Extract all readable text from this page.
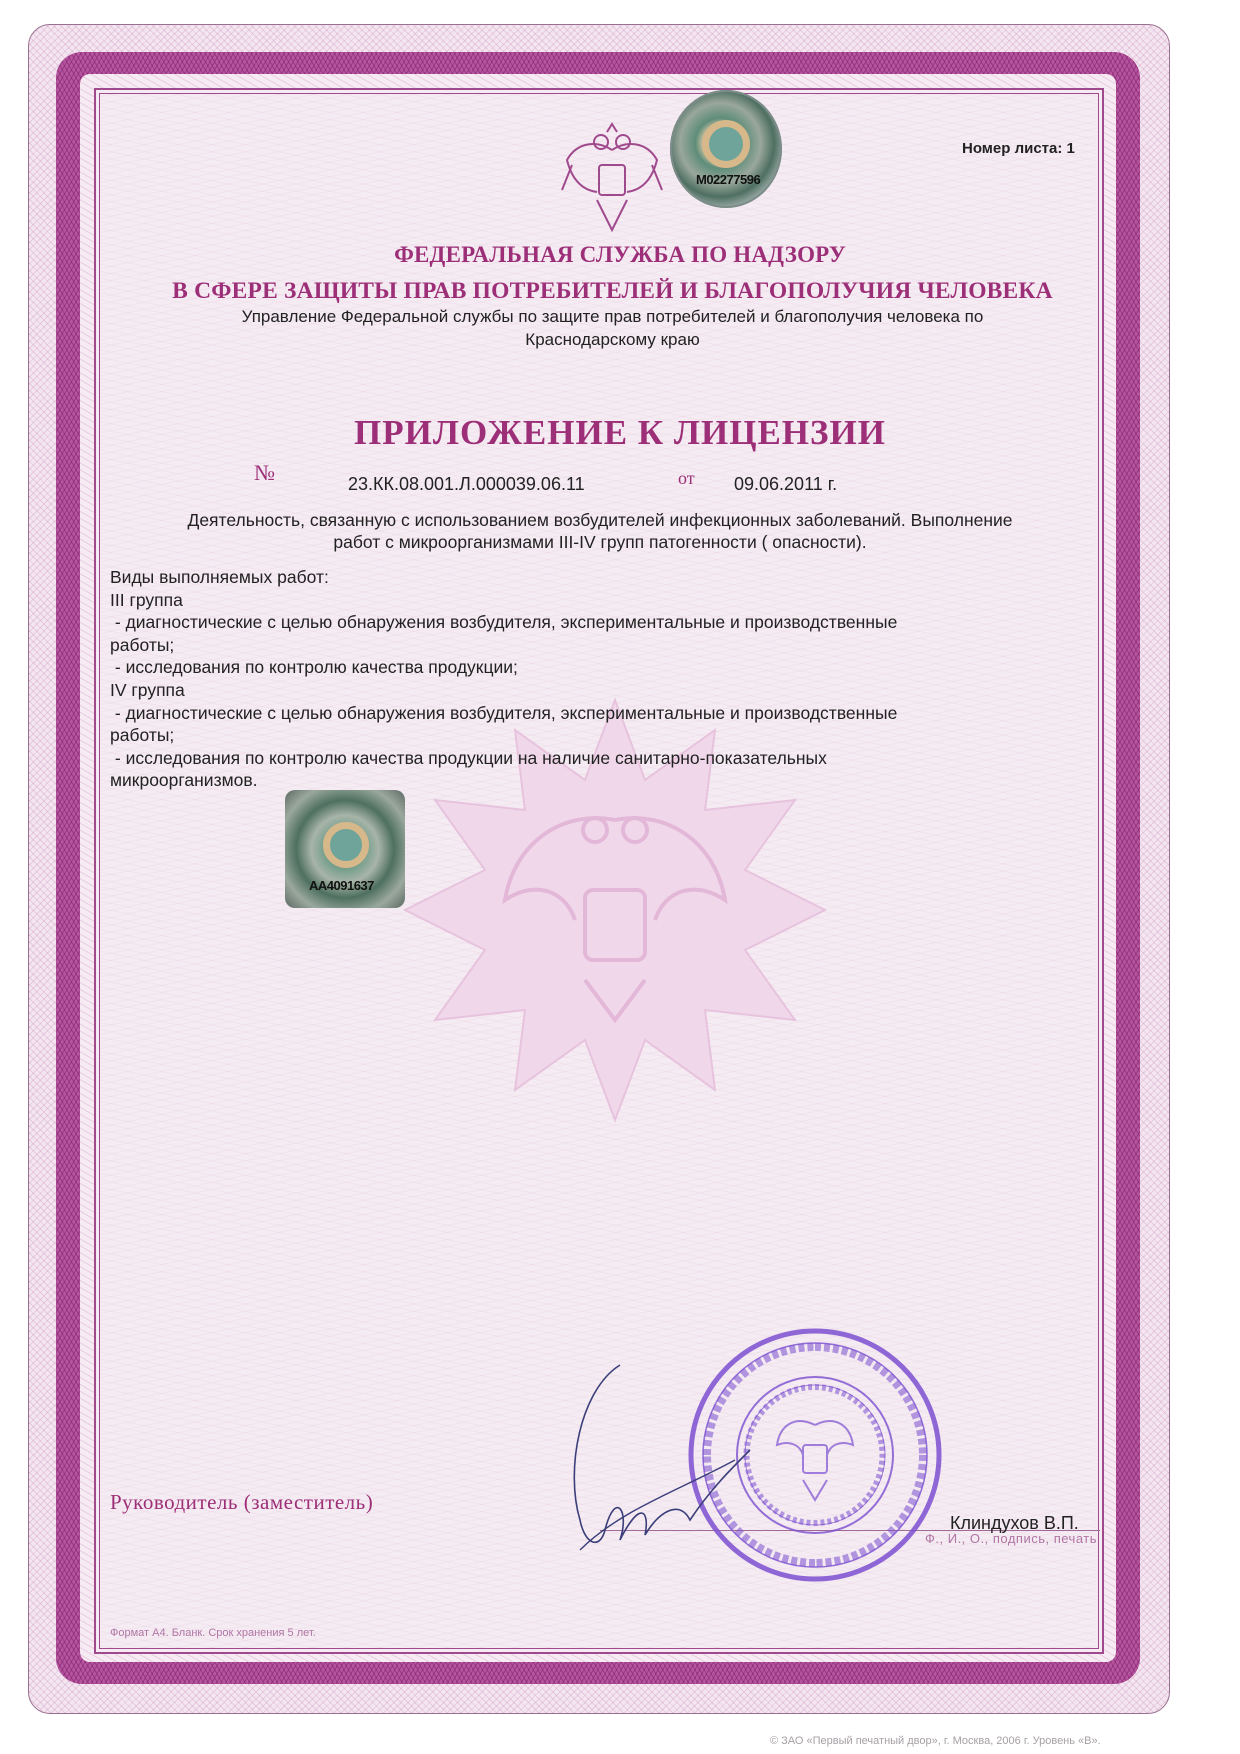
M02277596
Номер листа: 1
ФЕДЕРАЛЬНАЯ СЛУЖБА ПО НАДЗОРУ
В СФЕРЕ ЗАЩИТЫ ПРАВ ПОТРЕБИТЕЛЕЙ И БЛАГОПОЛУЧИЯ ЧЕЛОВЕКА
Управление Федеральной службы по защите прав потребителей и благополучия человека по
Краснодарскому краю
ПРИЛОЖЕНИЕ К ЛИЦЕНЗИИ
№	23.КК.08.001.Л.000039.06.11	от 09.06.2011 г.
Деятельность, связанную с использованием возбудителей инфекционных заболеваний. Выполнение
работ с микроорганизмами III-IV групп патогенности ( опасности).
Виды выполняемых работ:
III группа
- диагностические с целью обнаружения возбудителя, экспериментальные и производственные
работы;
- исследования по контролю качества продукции;
IV группа
- диагностические с целью обнаружения возбудителя, экспериментальные и производственные
работы;
- исследования по контролю качества продукции на наличие санитарно-показательных
микроорганизмов.
AA4091637
Руководитель (заместитель)
Клиндухов В.П.
Ф., И., О., подпись, печать
Формат А4. Бланк. Срок хранения 5 лет.
© ЗАО «Первый печатный двор», г. Москва, 2006 г. Уровень «В».
